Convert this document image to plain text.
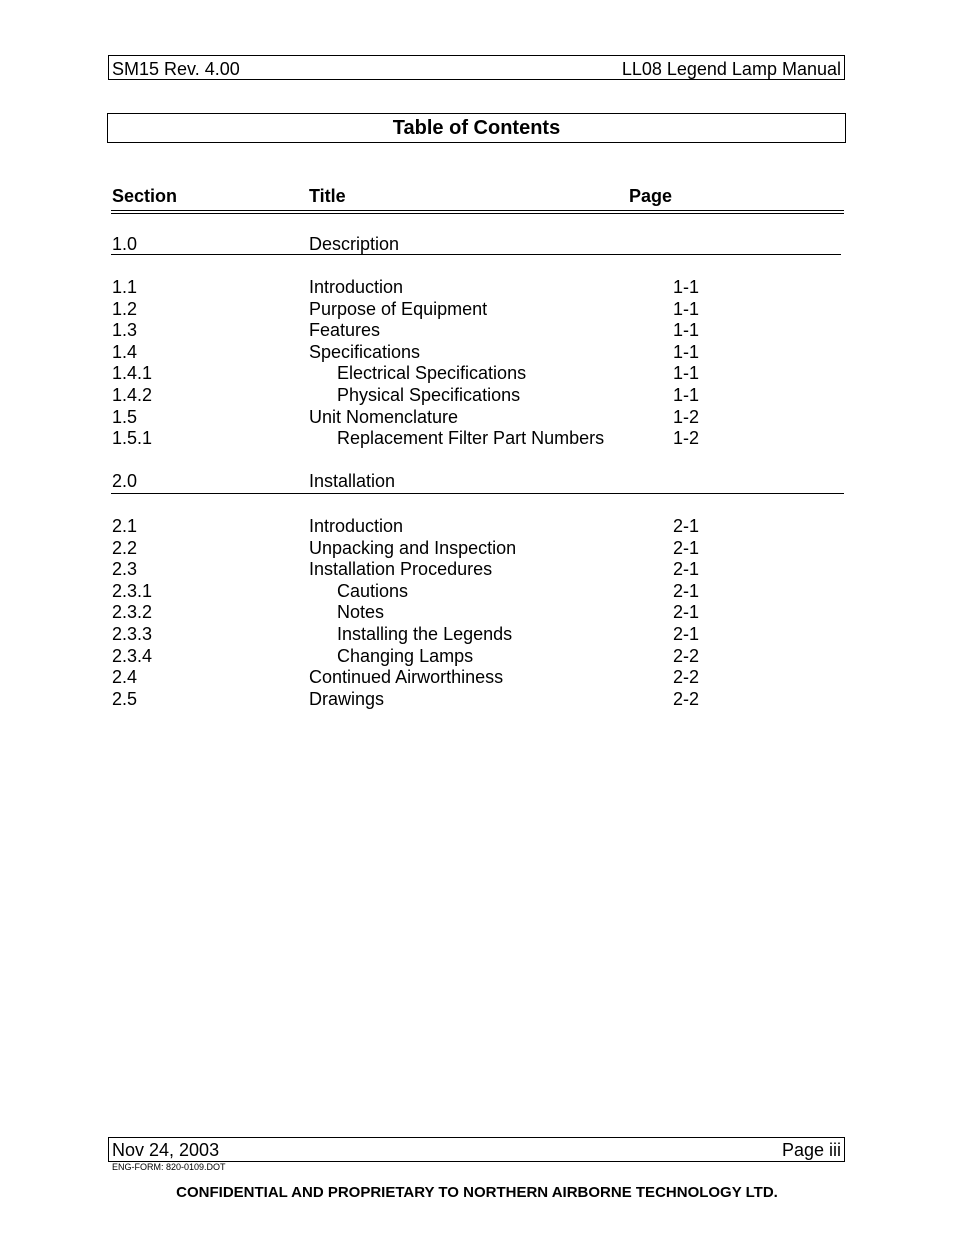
SM15 Rev. 4.00	LL08 Legend Lamp Manual
Table of Contents
Section	Title	Page
1.0	Description
1.1	Introduction	1-1
1.2	Purpose of Equipment	1-1
1.3	Features	1-1
1.4	Specifications	1-1
1.4.1	Electrical Specifications	1-1
1.4.2	Physical Specifications	1-1
1.5	Unit Nomenclature	1-2
1.5.1	Replacement Filter Part Numbers	1-2
2.0	Installation
2.1	Introduction	2-1
2.2	Unpacking and Inspection	2-1
2.3	Installation Procedures	2-1
2.3.1	Cautions	2-1
2.3.2	Notes	2-1
2.3.3	Installing the Legends	2-1
2.3.4	Changing Lamps	2-2
2.4	Continued Airworthiness	2-2
2.5	Drawings	2-2
Nov 24, 2003	Page iii
ENG-FORM: 820-0109.DOT
CONFIDENTIAL AND PROPRIETARY TO NORTHERN AIRBORNE TECHNOLOGY LTD.
